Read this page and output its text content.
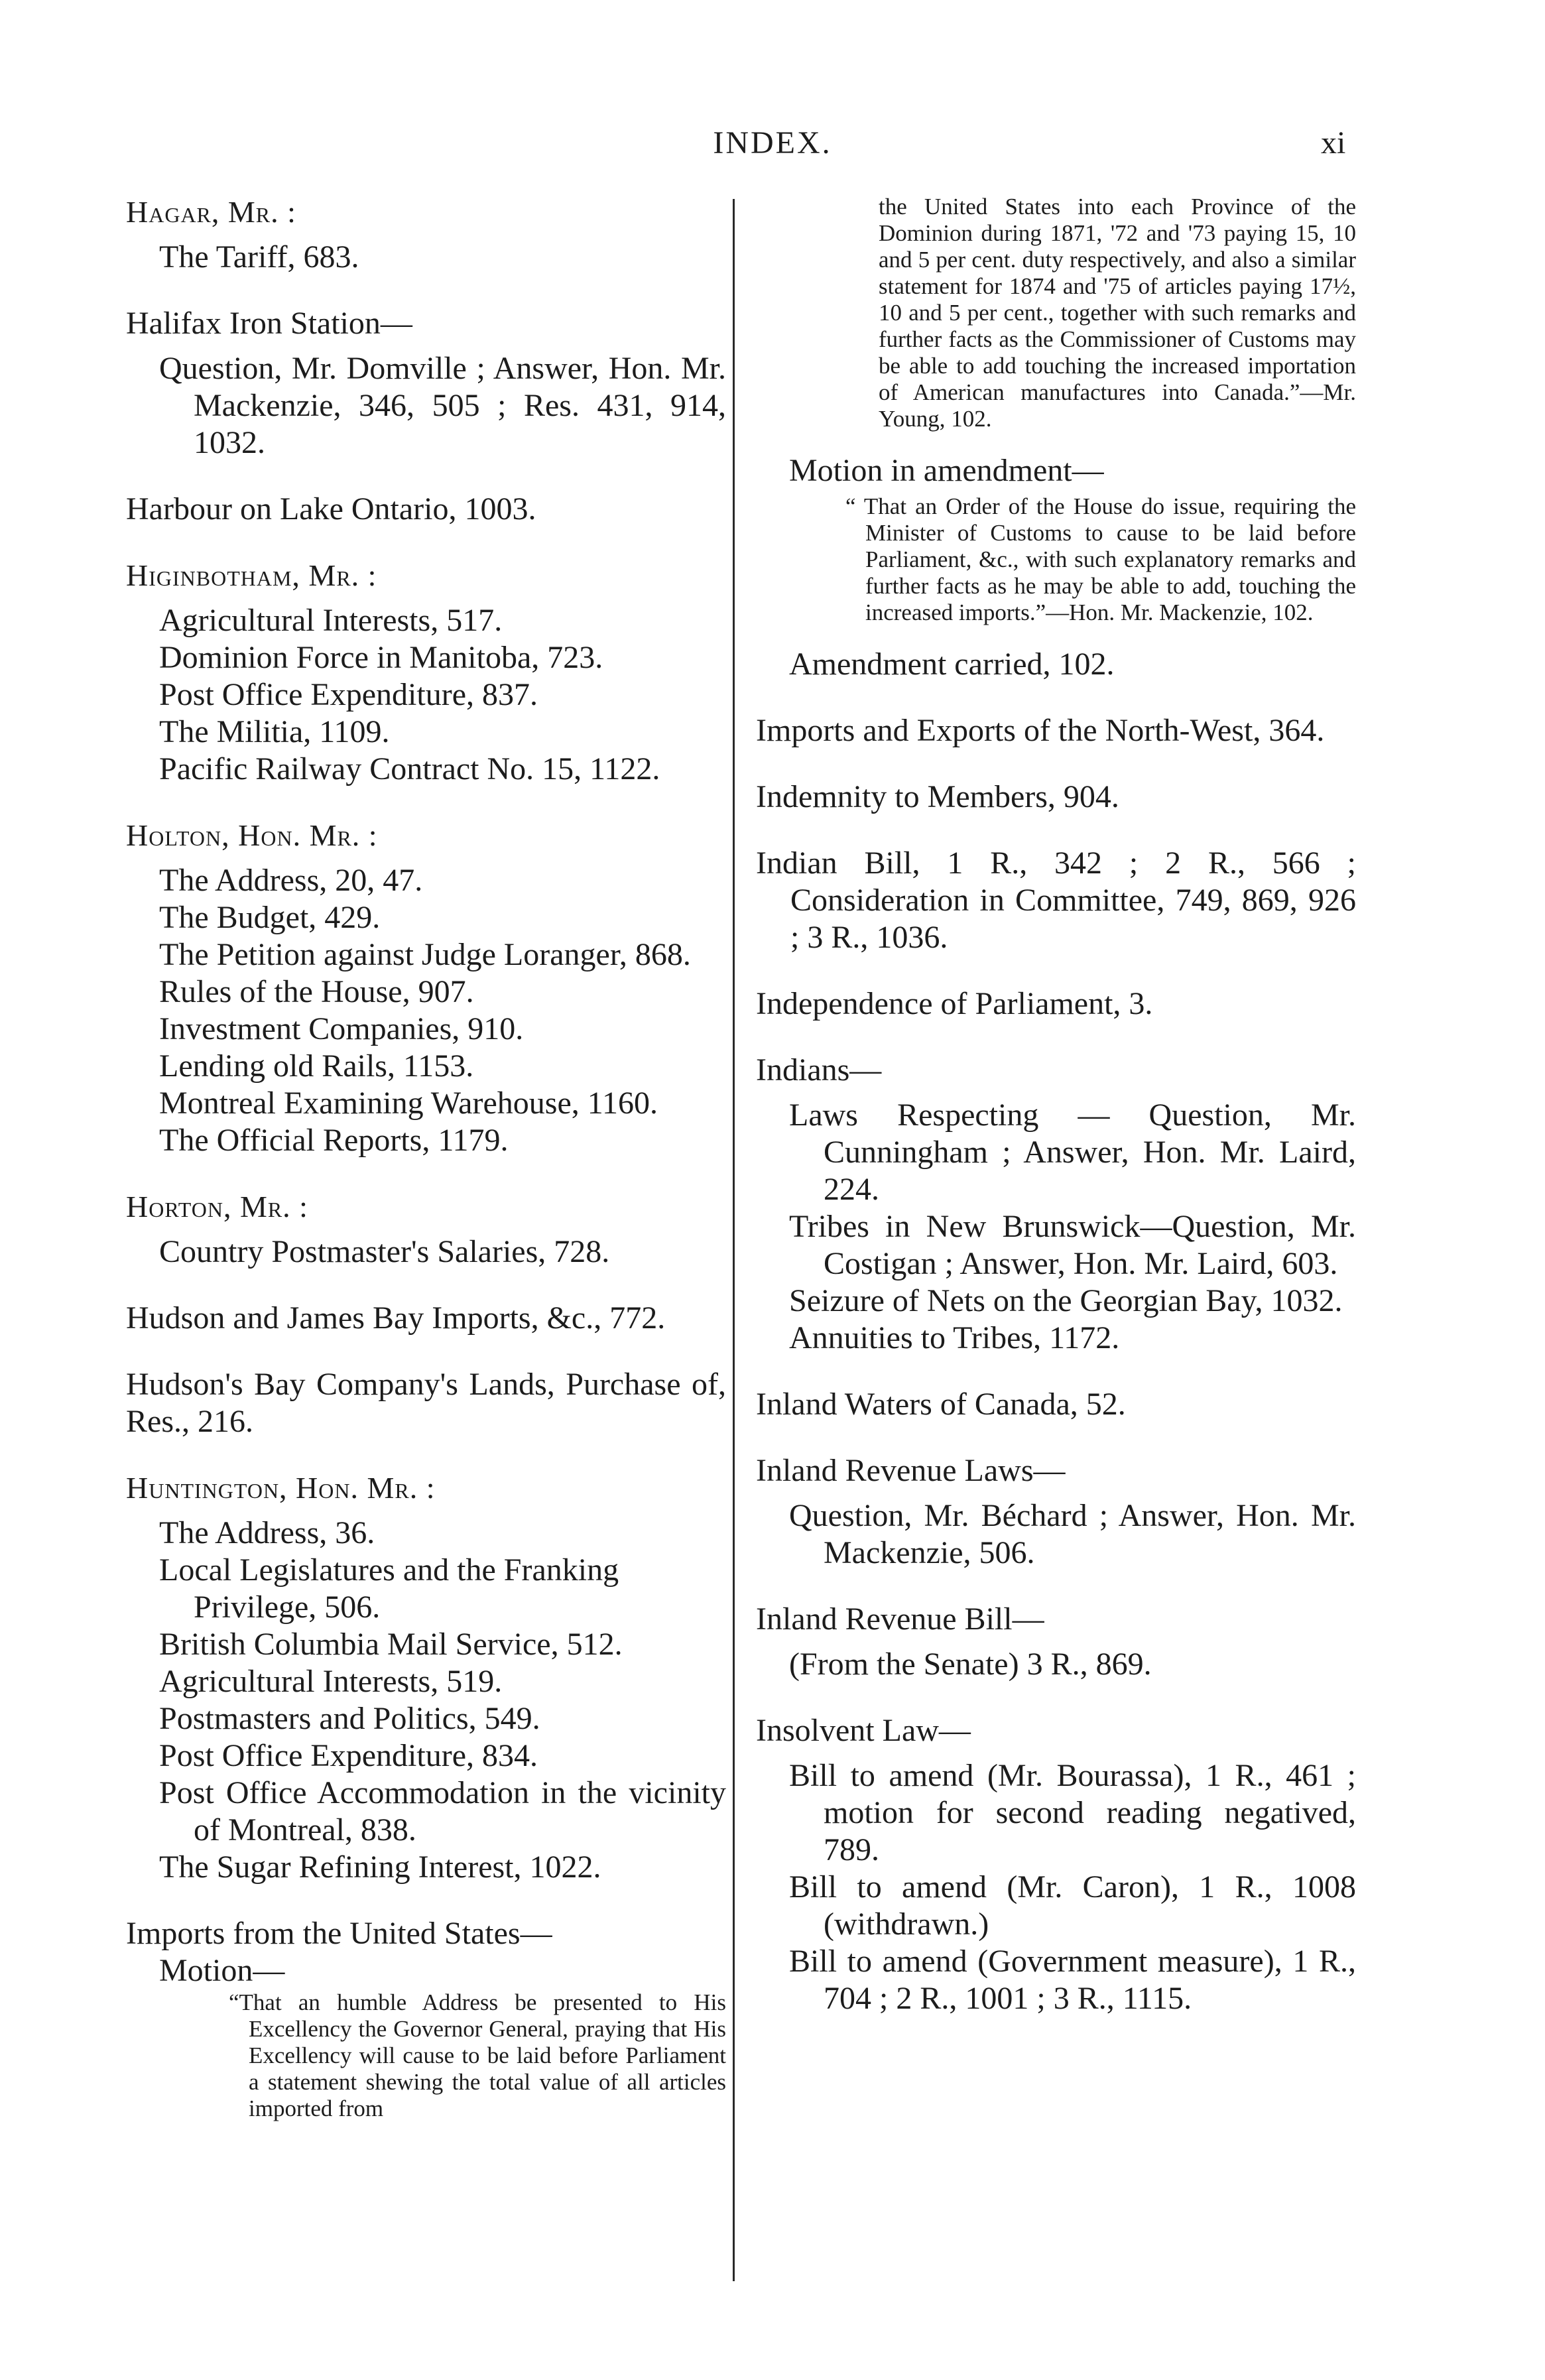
INDEX.	xi
Hagar, Mr. :
The Tariff, 683.
Halifax Iron Station—
Question, Mr. Domville ; Answer, Hon. Mr. Mackenzie, 346, 505 ; Res. 431, 914, 1032.
Harbour on Lake Ontario, 1003.
Higinbotham, Mr. :
Agricultural Interests, 517.
Dominion Force in Manitoba, 723.
Post Office Expenditure, 837.
The Militia, 1109.
Pacific Railway Contract No. 15, 1122.
Holton, Hon. Mr. :
The Address, 20, 47.
The Budget, 429.
The Petition against Judge Loranger, 868.
Rules of the House, 907.
Investment Companies, 910.
Lending old Rails, 1153.
Montreal Examining Warehouse, 1160.
The Official Reports, 1179.
Horton, Mr. :
Country Postmaster's Salaries, 728.
Hudson and James Bay Imports, &c., 772.
Hudson's Bay Company's Lands, Purchase of, Res., 216.
Huntington, Hon. Mr. :
The Address, 36.
Local Legislatures and the Franking Privilege, 506.
British Columbia Mail Service, 512.
Agricultural Interests, 519.
Postmasters and Politics, 549.
Post Office Expenditure, 834.
Post Office Accommodation in the vicinity of Montreal, 838.
The Sugar Refining Interest, 1022.
Imports from the United States—
Motion—
“That an humble Address be presented to His Excellency the Governor General, praying that His Excellency will cause to be laid before Parliament a statement shewing the total value of all articles imported from
the United States into each Province of the Dominion during 1871, '72 and '73 paying 15, 10 and 5 per cent. duty respectively, and also a similar statement for 1874 and '75 of articles paying 17½, 10 and 5 per cent., together with such remarks and further facts as the Commissioner of Customs may be able to add touching the increased importation of American manufactures into Canada.”—Mr. Young, 102.
Motion in amendment—
“ That an Order of the House do issue, requiring the Minister of Customs to cause to be laid before Parliament, &c., with such explanatory remarks and further facts as he may be able to add, touching the increased imports.”—Hon. Mr. Mackenzie, 102.
Amendment carried, 102.
Imports and Exports of the North-West, 364.
Indemnity to Members, 904.
Indian Bill, 1 R., 342 ; 2 R., 566 ; Consideration in Committee, 749, 869, 926 ; 3 R., 1036.
Independence of Parliament, 3.
Indians—
Laws Respecting — Question, Mr. Cunningham ; Answer, Hon. Mr. Laird, 224.
Tribes in New Brunswick—Question, Mr. Costigan ; Answer, Hon. Mr. Laird, 603.
Seizure of Nets on the Georgian Bay, 1032.
Annuities to Tribes, 1172.
Inland Waters of Canada, 52.
Inland Revenue Laws—
Question, Mr. Béchard ; Answer, Hon. Mr. Mackenzie, 506.
Inland Revenue Bill—
(From the Senate) 3 R., 869.
Insolvent Law—
Bill to amend (Mr. Bourassa), 1 R., 461 ; motion for second reading negatived, 789.
Bill to amend (Mr. Caron), 1 R., 1008 (withdrawn.)
Bill to amend (Government measure), 1 R., 704 ; 2 R., 1001 ; 3 R., 1115.
